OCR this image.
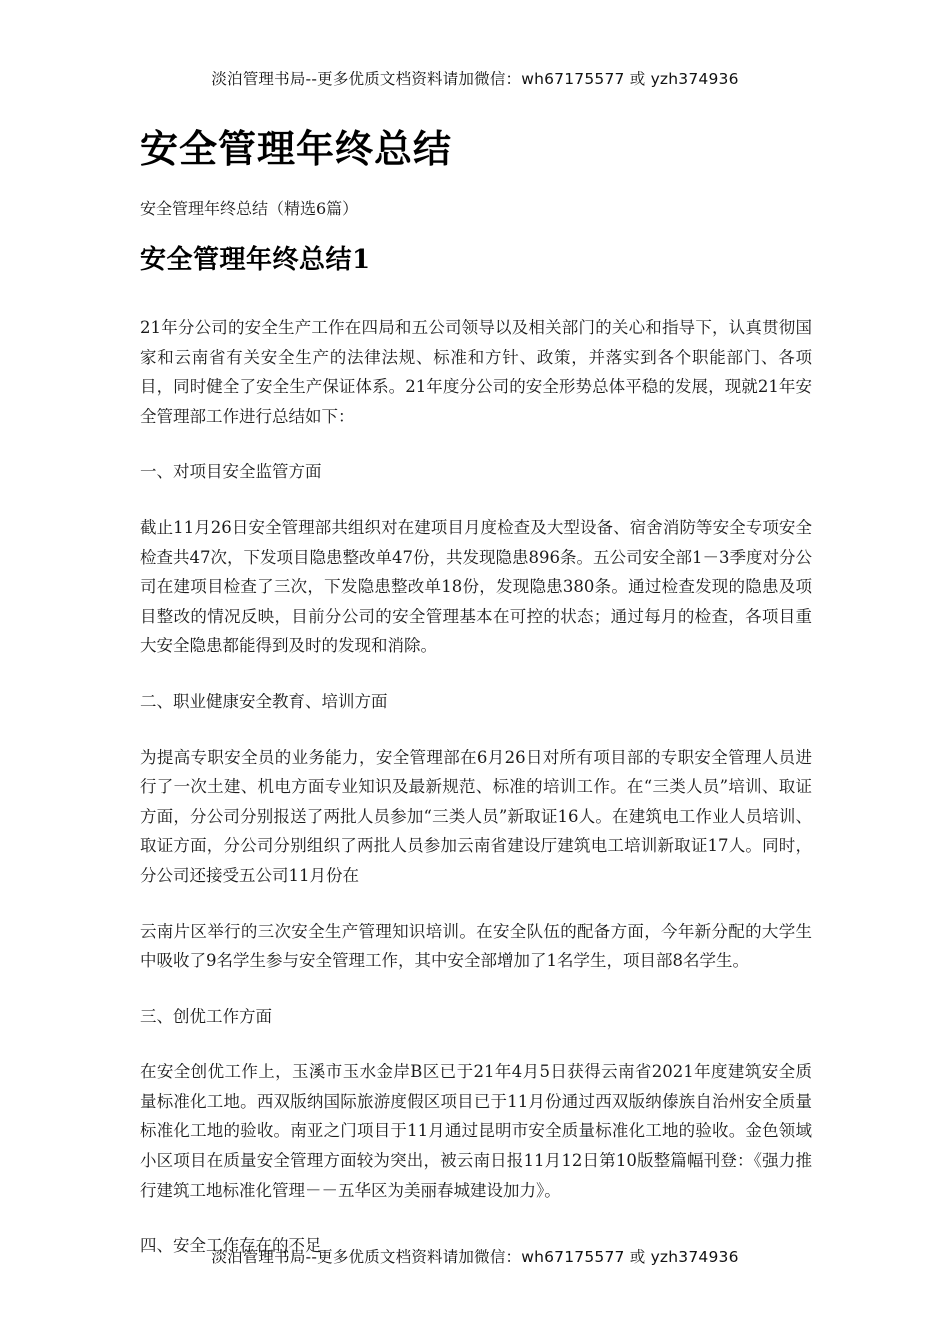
淡泊管理书局--更多优质文档资料请加微信：wh67175577 或 yzh374936
安全管理年终总结

安全管理年终总结（精选6篇）

安全管理年终总结1

21年分公司的安全生产工作在四局和五公司领导以及相关部门的关心和指导下，认真贯彻国家和云南省有关安全生产的法律法规、标准和方针、政策，并落实到各个职能部门、各项目，同时健全了安全生产保证体系。21年度分公司的安全形势总体平稳的发展，现就21年安全管理部工作进行总结如下：

一、对项目安全监管方面

截止11月26日安全管理部共组织对在建项目月度检查及大型设备、宿舍消防等安全专项安全检查共47次，下发项目隐患整改单47份，共发现隐患896条。五公司安全部1－3季度对分公司在建项目检查了三次，下发隐患整改单18份，发现隐患380条。通过检查发现的隐患及项目整改的情况反映，目前分公司的安全管理基本在可控的状态；通过每月的检查，各项目重大安全隐患都能得到及时的发现和消除。

二、职业健康安全教育、培训方面

为提高专职安全员的业务能力，安全管理部在6月26日对所有项目部的专职安全管理人员进行了一次土建、机电方面专业知识及最新规范、标准的培训工作。在“三类人员”培训、取证方面，分公司分别报送了两批人员参加“三类人员”新取证16人。在建筑电工作业人员培训、取证方面，分公司分别组织了两批人员参加云南省建设厅建筑电工培训新取证17人。同时，分公司还接受五公司11月份在

云南片区举行的三次安全生产管理知识培训。在安全队伍的配备方面，今年新分配的大学生中吸收了9名学生参与安全管理工作，其中安全部增加了1名学生，项目部8名学生。

三、创优工作方面

在安全创优工作上，玉溪市玉水金岸B区已于21年4月5日获得云南省2021年度建筑安全质量标准化工地。西双版纳国际旅游度假区项目已于11月份通过西双版纳傣族自治州安全质量标准化工地的验收。南亚之门项目于11月通过昆明市安全质量标准化工地的验收。金色领域小区项目在质量安全管理方面较为突出，被云南日报11月12日第10版整篇幅刊登：《强力推行建筑工地标准化管理－－五华区为美丽春城建设加力》。

四、安全工作存在的不足

淡泊管理书局--更多优质文档资料请加微信：wh67175577 或 yzh374936
